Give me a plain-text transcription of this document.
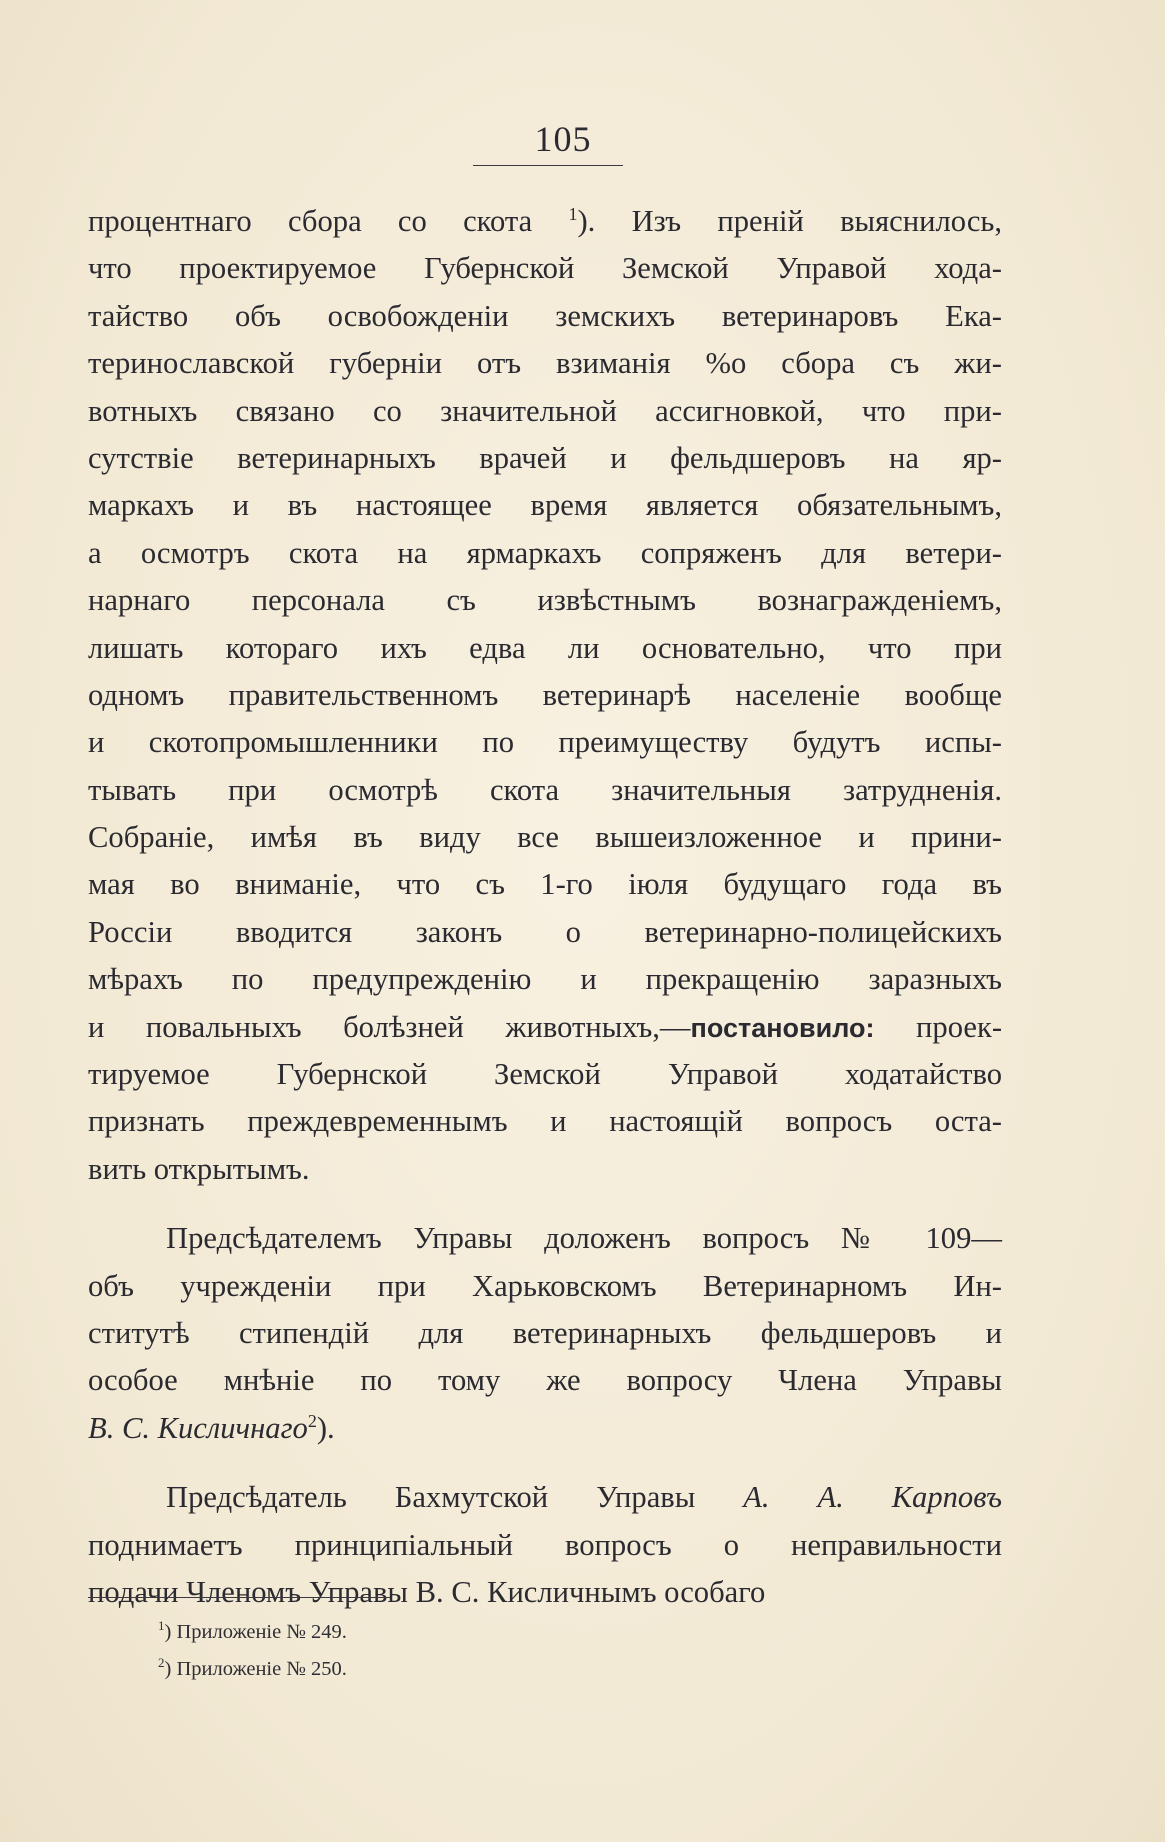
105
процентнаго сбора со скота $^1$). Изъ преній выяснилось,
что проектируемое Губернской Земской Управой хода-
тайство объ освобожденіи земскихъ ветеринаровъ Ека-
теринославской губерніи отъ взиманія %о сбора съ жи-
вотныхъ связано со значительной ассигновкой, что при-
сутствіе ветеринарныхъ врачей и фельдшеровъ на яр-
маркахъ и въ настоящее время является обязательнымъ,
а осмотръ скота на ярмаркахъ сопряженъ для ветери-
нарнаго персонала съ извѣстнымъ вознагражденіемъ,
лишать котораго ихъ едва ли основательно, что при
одномъ правительственномъ ветеринарѣ населеніе вообще
и скотопромышленники по преимуществу будутъ испы-
тывать при осмотрѣ скота значительныя затрудненія.
Собраніе, имѣя въ виду все вышеизложенное и прини-
мая во вниманіе, что съ 1-го іюля будущаго года въ
Россіи вводится законъ о ветеринарно-полицейскихъ
мѣрахъ по предупрежденію и прекращенію заразныхъ
и повальныхъ болѣзней животныхъ,—постановило: проек-
тируемое Губернской Земской Управой ходатайство
признать преждевременнымъ и настоящій вопросъ оста-
вить открытымъ.
Предсѣдателемъ Управы доложенъ вопросъ № 109—
объ учрежденіи при Харьковскомъ Ветеринарномъ Ин-
ститутѣ стипендій для ветеринарныхъ фельдшеровъ и
особое мнѣніе по тому же вопросу Члена Управы
В. С. Кисличнаго$^2$).
Предсѣдатель Бахмутской Управы А. А. Карповъ
поднимаетъ принципіальный вопросъ о неправильности
подачи Членомъ Управы В. С. Кисличнымъ особаго
$^1$) Приложеніе № 249.
$^2$) Приложеніе № 250.
